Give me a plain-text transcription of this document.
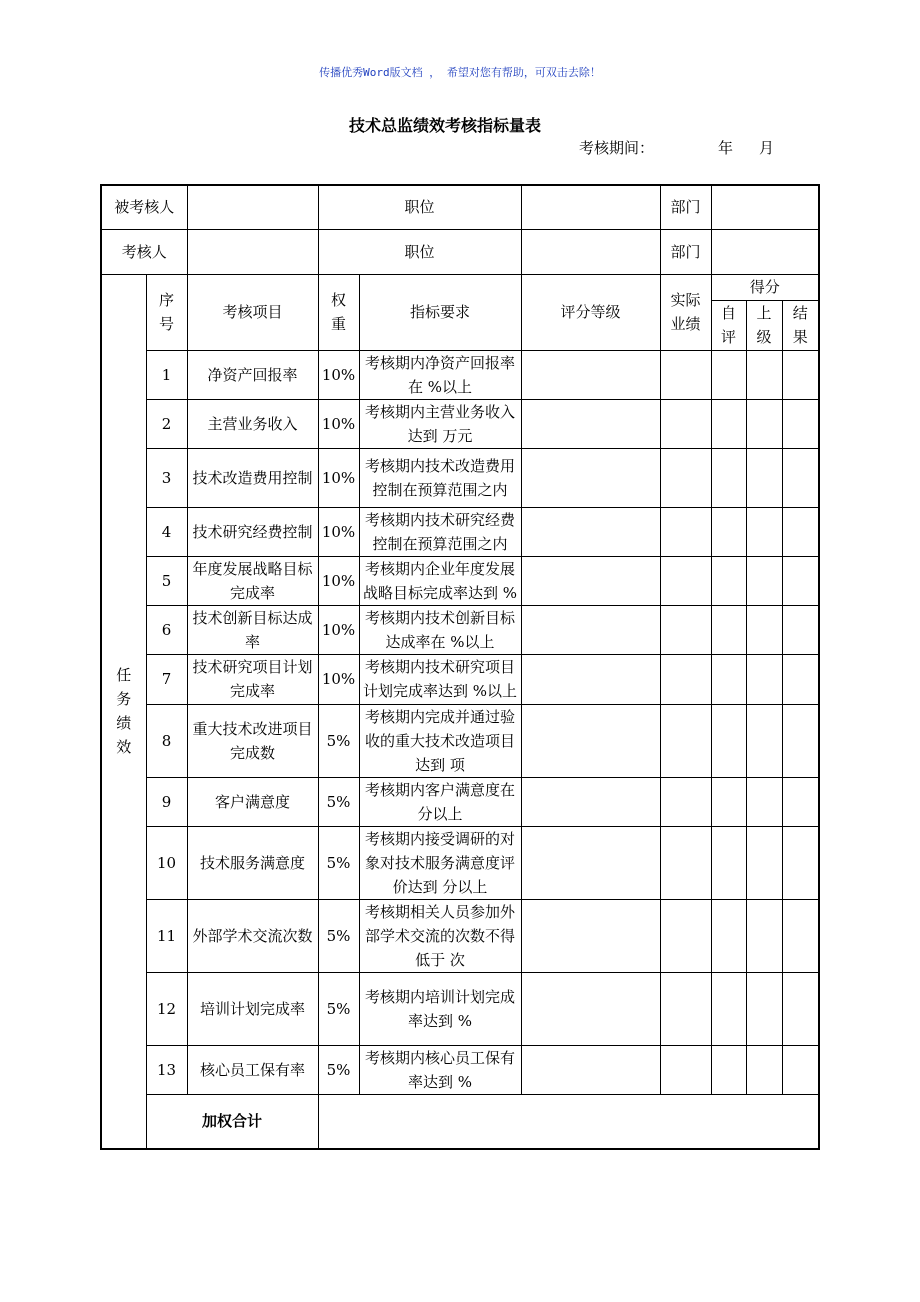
传播优秀Word版文档 ， 希望对您有帮助，可双击去除！
技术总监绩效考核指标量表
考核期间：	年 月
被考核人			职位			部门			
考核人			职位			部门			

任务绩效	序号	考核项目	权重	指标要求	评分等级	实际业绩	得分		

							自评	上级	结果

	1	净资产回报率	10%	考核期内净资产回报率在 %以上					
	2	主营业务收入	10%	考核期内主营业务收入达到 万元					
	3	技术改造费用控制	10%	考核期内技术改造费用控制在预算范围之内					
	4	技术研究经费控制	10%	考核期内技术研究经费控制在预算范围之内					
	5	年度发展战略目标完成率	10%	考核期内企业年度发展战略目标完成率达到 %					
	6	技术创新目标达成率	10%	考核期内技术创新目标达成率在 %以上					
	7	技术研究项目计划完成率	10%	考核期内技术研究项目计划完成率达到 %以上					
	8	重大技术改进项目完成数	5%	考核期内完成并通过验收的重大技术改造项目达到 项					
	9	客户满意度	5%	考核期内客户满意度在 分以上					
	10	技术服务满意度	5%	考核期内接受调研的对象对技术服务满意度评价达到 分以上					
	11	外部学术交流次数	5%	考核期相关人员参加外部学术交流的次数不得低于 次					
	12	培训计划完成率	5%	考核期内培训计划完成率达到 %					
	13	核心员工保有率	5%	考核期内核心员工保有率达到 %					
	加权合计								
